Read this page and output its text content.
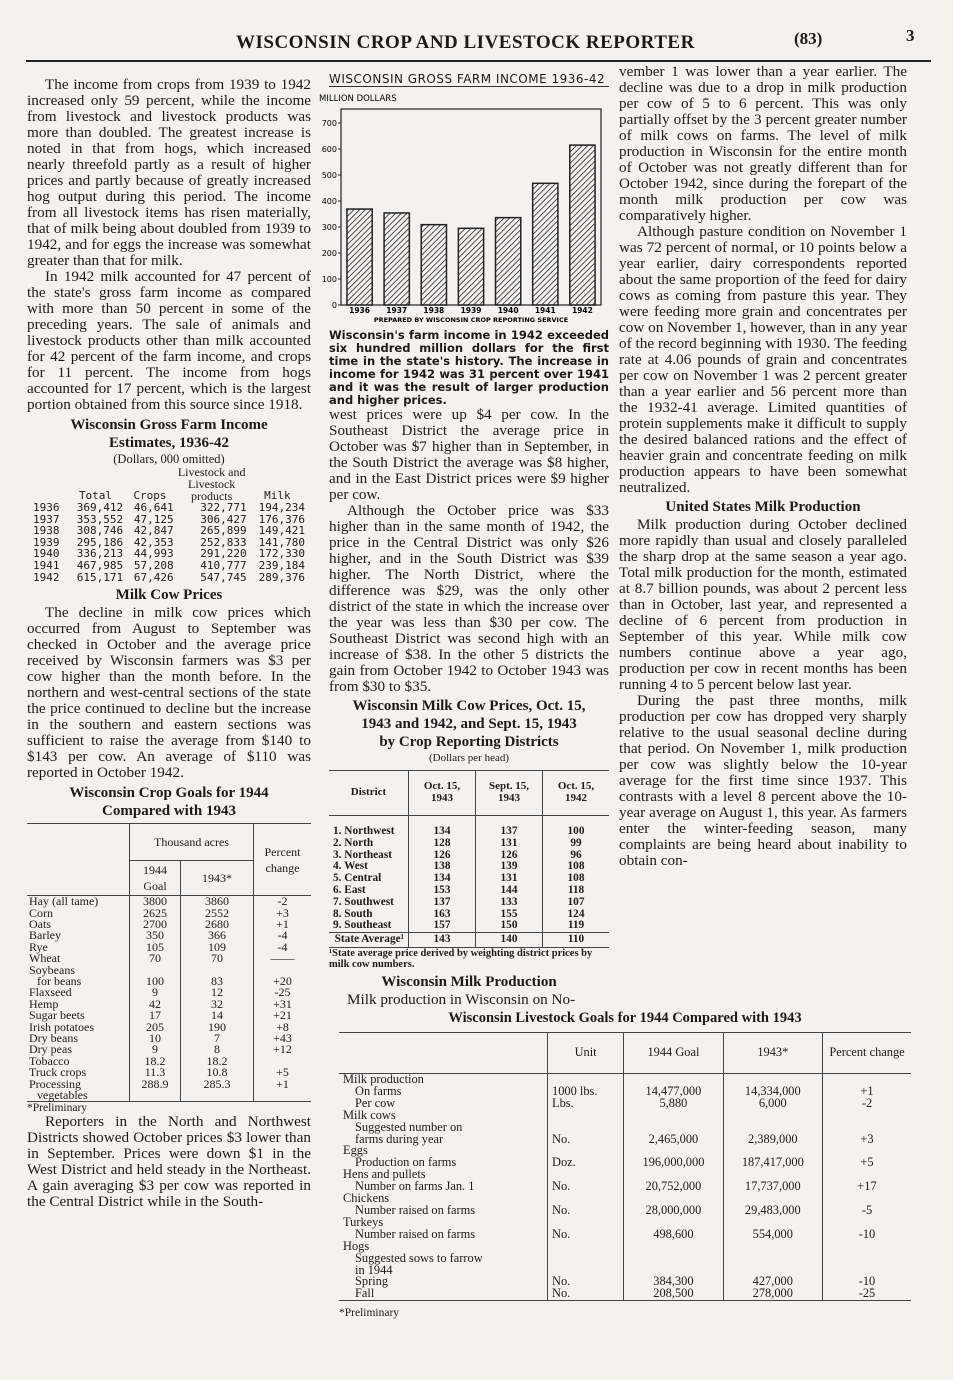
WISCONSIN CROP AND LIVESTOCK REPORTER	(83)	3

The income from crops from 1939 to 1942 increased only 59 percent, while the income from livestock and livestock products was more than doubled. The greatest increase is noted in that from hogs, which increased nearly threefold partly as a result of higher prices and partly because of greatly increased hog output during this period. The income from all livestock items has risen materially, that of milk being about doubled from 1939 to 1942, and for eggs the increase was somewhat greater than that for milk.

In 1942 milk accounted for 47 percent of the state's gross farm income as compared with more than 50 percent in some of the preceding years. The sale of animals and livestock products other than milk accounted for 42 percent of the farm income, and crops for 11 percent. The income from hogs accounted for 17 percent, which is the largest portion obtained from this source since 1918.

Wisconsin Gross Farm Income
Estimates, 1936-42
(Dollars, 000 omitted)
	Total	Crops	Livestock and Livestock products	Milk
1936	369,412	46,641	322,771	194,234
1937	353,552	47,125	306,427	176,376
1938	308,746	42,847	265,899	149,421
1939	295,186	42,353	252,833	141,780
1940	336,213	44,993	291,220	172,330
1941	467,985	57,208	410,777	239,184
1942	615,171	67,426	547,745	289,376
Milk Cow Prices

The decline in milk cow prices which occurred from August to September was checked in October and the average price received by Wisconsin farmers was $3 per cow higher than the month before. In the northern and west-central sections of the state the price continued to decline but the increase in the southern and eastern sections was sufficient to raise the average from $140 to $143 per cow. An average of $110 was reported in October 1942.

Wisconsin Crop Goals for 1944
Compared with 1943
	Thousand acres		Percent change
	1944 Goal	1943*	
Hay (all tame)	3800	3860	-2
Corn	2625	2552	+3
Oats	2700	2680	+1
Barley	350	366	-4
Rye	105	109	-4
Wheat	70	70	——
Soybeans			
for beans	100	83	+20
Flaxseed	9	12	-25
Hemp	42	32	+31
Sugar beets	17	14	+21
Irish potatoes	205	190	+8
Dry beans	10	7	+43
Dry peas	9	8	+12
Tobacco	18.2	18.2	
Truck crops	11.3	10.8	+5
Processing	288.9	285.3	+1
vegetables			
*Preliminary

Reporters in the North and Northwest Districts showed October prices $3 lower than in September. Prices were down $1 in the West District and held steady in the Northeast. A gain averaging $3 per cow was reported in the Central District while in the South-

WISCONSIN GROSS FARM INCOME 1936-42
MILLION DOLLARS
0
100
200
300
400
500
600
700
1936 1937 1938 1939 1940 1941 1942
PREPARED BY WISCONSIN CROP REPORTING SERVICE

Wisconsin's farm income in 1942 exceeded six hundred million dollars for the first time in the state's history. The increase in income for 1942 was 31 percent over 1941 and it was the result of larger production and higher prices.

west prices were up $4 per cow. In the Southeast District the average price in October was $7 higher than in September, in the South District the average was $8 higher, and in the East District prices were $9 higher per cow.

Although the October price was $33 higher than in the same month of 1942, the price in the Central District was only $26 higher, and in the South District was $39 higher. The North District, where the difference was $29, was the only other district of the state in which the increase over the year was less than $30 per cow. The Southeast District was second high with an increase of $38. In the other 5 districts the gain from October 1942 to October 1943 was from $30 to $35.

Wisconsin Milk Cow Prices, Oct. 15,
1943 and 1942, and Sept. 15, 1943
by Crop Reporting Districts
(Dollars per head)
District	Oct. 15, 1943	Sept. 15, 1943	Oct. 15, 1942

1. Northwest	134	137	100
2. North	128	131	99
3. Northeast	126	126	96
4. West	138	139	108
5. Central	134	131	108
6. East	153	144	118
7. Southwest	137	133	107
8. South	163	155	124
9. Southeast	157	150	119
State Average¹	143	140	110
¹State average price derived by weighting district prices by milk cow numbers.
Wisconsin Milk Production

Milk production in Wisconsin on No-

vember 1 was lower than a year earlier. The decline was due to a drop in milk production per cow of 5 to 6 percent. This was only partially offset by the 3 percent greater number of milk cows on farms. The level of milk production in Wisconsin for the entire month of October was not greatly different than for October 1942, since during the forepart of the month milk production per cow was comparatively higher.

Although pasture condition on November 1 was 72 percent of normal, or 10 points below a year earlier, dairy correspondents reported about the same proportion of the feed for dairy cows as coming from pasture this year. They were feeding more grain and concentrates per cow on November 1, however, than in any year of the record beginning with 1930. The feeding rate at 4.06 pounds of grain and concentrates per cow on November 1 was 2 percent greater than a year earlier and 56 percent more than the 1932-41 average. Limited quantities of protein supplements make it difficult to supply the desired balanced rations and the effect of heavier grain and concentrate feeding on milk production appears to have been somewhat neutralized.

United States Milk Production

Milk production during October declined more rapidly than usual and closely paralleled the sharp drop at the same season a year ago. Total milk production for the month, estimated at 8.7 billion pounds, was about 2 percent less than in October, last year, and represented a decline of 6 percent from production in September of this year. While milk cow numbers continue above a year ago, production per cow in recent months has been running 4 to 5 percent below last year.

During the past three months, milk production per cow has dropped very sharply relative to the usual seasonal decline during that period. On November 1, milk production per cow was slightly below the 10-year average for the first time since 1937. This contrasts with a level 8 percent above the 10-year average on August 1, this year. As farmers enter the winter-feeding season, many complaints are being heard about inability to obtain con-

Wisconsin Livestock Goals for 1944 Compared with 1943
	Unit	1944 Goal	1943*	Percent change
Milk production				
On farms	1000 lbs.	14,477,000	14,334,000	+1
Per cow	Lbs.	5,880	6,000	-2
Milk cows				
Suggested number on				
farms during year	No.	2,465,000	2,389,000	+3
Eggs				
Production on farms	Doz.	196,000,000	187,417,000	+5
Hens and pullets				
Number on farms Jan. 1	No.	20,752,000	17,737,000	+17
Chickens				
Number raised on farms	No.	28,000,000	29,483,000	-5
Turkeys				
Number raised on farms	No.	498,600	554,000	-10
Hogs				
Suggested sows to farrow				
in 1944				
Spring	No.	384,300	427,000	-10
Fall	No.	208,500	278,000	-25
*Preliminary
